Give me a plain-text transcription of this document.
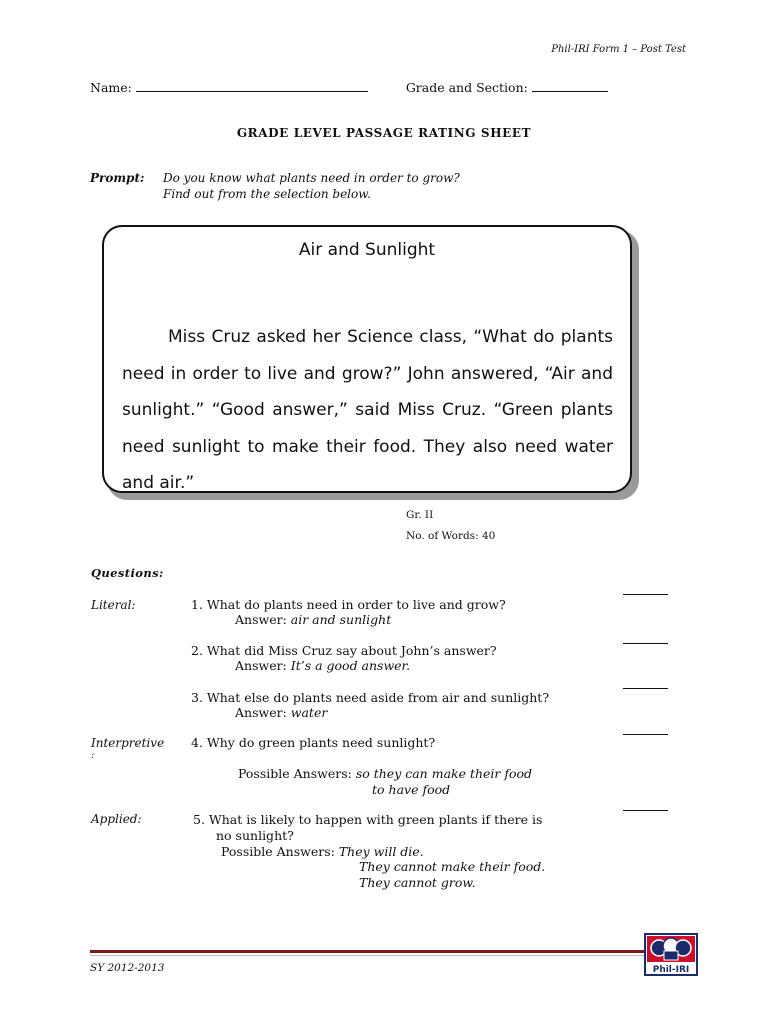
Phil-IRI Form 1 – Post Test
Name:	Grade and Section:
GRADE LEVEL PASSAGE RATING SHEET
Prompt: Do you know what plants need in order to grow?
Find out from the selection below.
Air and Sunlight
Miss Cruz asked her Science class, “What do plants need in order to live and grow?” John answered, “Air and sunlight.” “Good answer,” said Miss Cruz. “Green plants need sunlight to make their food. They also need water and air.”
Gr. II
No. of Words: 40
Questions:
Literal:	1. What do plants need in order to live and grow?
Answer: air and sunlight
2. What did Miss Cruz say about John’s answer?
Answer: It’s a good answer.
3. What else do plants need aside from air and sunlight?
Answer: water
Interpretive
:
4. Why do green plants need sunlight?
Possible Answers: so they can make their food
to have food
Applied:	5. What is likely to happen with green plants if there is
no sunlight?
Possible Answers: They will die.
They cannot make their food.
They cannot grow.
SY 2012-2013	Phil-IRI
